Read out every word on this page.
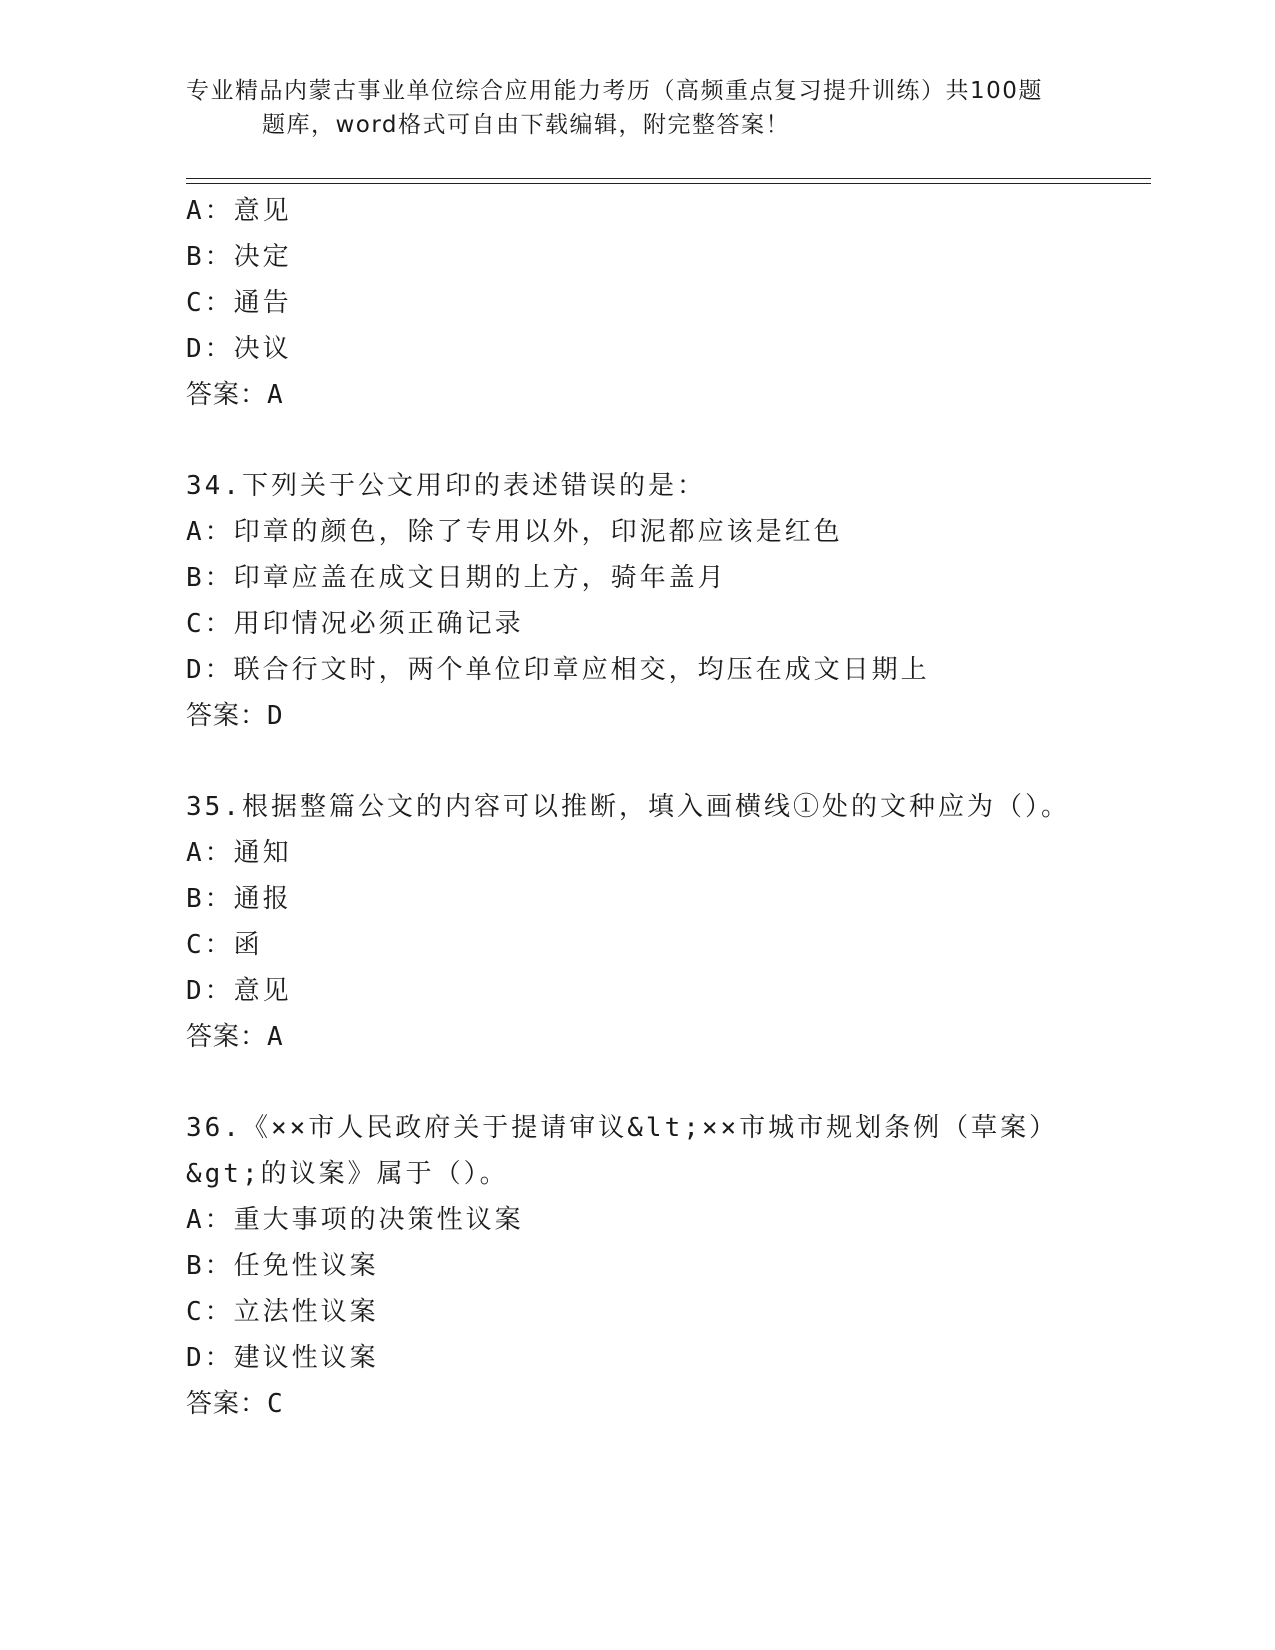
专业精品内蒙古事业单位综合应用能力考历（高频重点复习提升训练）共100题
题库，word格式可自由下载编辑，附完整答案！
A：意见
B：决定
C：通告
D：决议
答案：A
34.下列关于公文用印的表述错误的是：
A：印章的颜色，除了专用以外，印泥都应该是红色
B：印章应盖在成文日期的上方，骑年盖月
C：用印情况必须正确记录
D：联合行文时，两个单位印章应相交，均压在成文日期上
答案：D
35.根据整篇公文的内容可以推断，填入画横线①处的文种应为（）。
A：通知
B：通报
C：函
D：意见
答案：A
36.《××市人民政府关于提请审议&lt;××市城市规划条例（草案）
&gt;的议案》属于（）。
A：重大事项的决策性议案
B：任免性议案
C：立法性议案
D：建议性议案
答案：C
